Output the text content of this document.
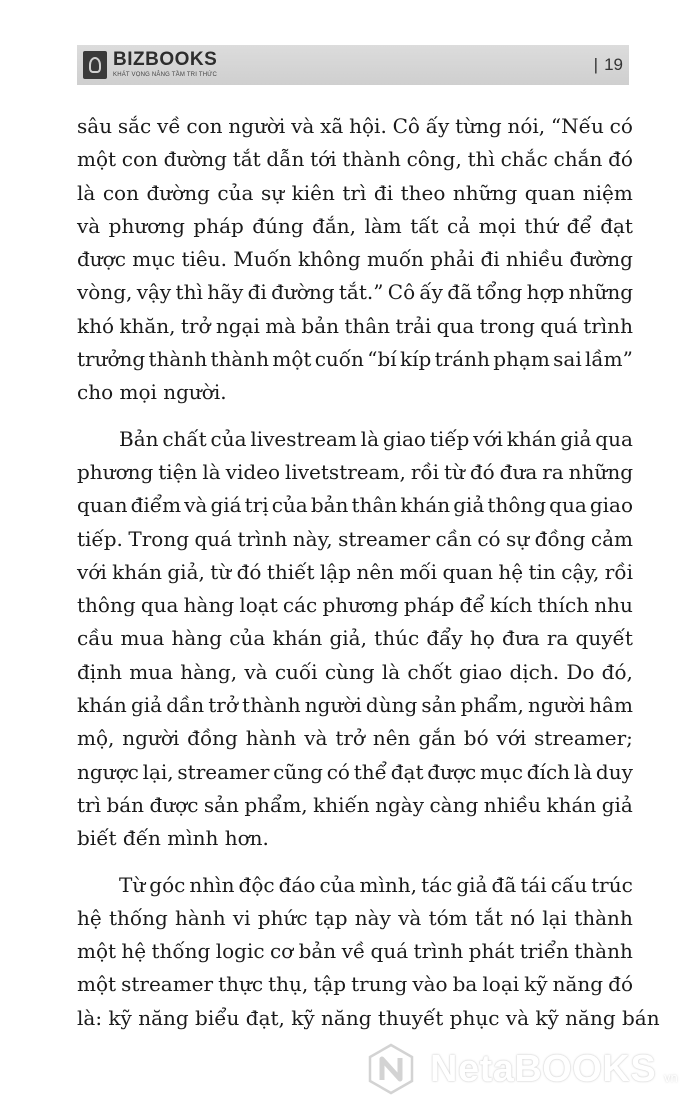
BIZBOOKS
KHÁT VỌNG NÂNG TẦM TRI THỨC
| 19
sâu sắc về con người và xã hội. Cô ấy từng nói, “Nếu có
một con đường tắt dẫn tới thành công, thì chắc chắn đó
là con đường của sự kiên trì đi theo những quan niệm
và phương pháp đúng đắn, làm tất cả mọi thứ để đạt
được mục tiêu. Muốn không muốn phải đi nhiều đường
vòng, vậy thì hãy đi đường tắt.” Cô ấy đã tổng hợp những
khó khăn, trở ngại mà bản thân trải qua trong quá trình
trưởng thành thành một cuốn “bí kíp tránh phạm sai lầm”
cho mọi người.
Bản chất của livestream là giao tiếp với khán giả qua
phương tiện là video livetstream, rồi từ đó đưa ra những
quan điểm và giá trị của bản thân khán giả thông qua giao
tiếp. Trong quá trình này, streamer cần có sự đồng cảm
với khán giả, từ đó thiết lập nên mối quan hệ tin cậy, rồi
thông qua hàng loạt các phương pháp để kích thích nhu
cầu mua hàng của khán giả, thúc đẩy họ đưa ra quyết
định mua hàng, và cuối cùng là chốt giao dịch. Do đó,
khán giả dần trở thành người dùng sản phẩm, người hâm
mộ, người đồng hành và trở nên gắn bó với streamer;
ngược lại, streamer cũng có thể đạt được mục đích là duy
trì bán được sản phẩm, khiến ngày càng nhiều khán giả
biết đến mình hơn.
Từ góc nhìn độc đáo của mình, tác giả đã tái cấu trúc
hệ thống hành vi phức tạp này và tóm tắt nó lại thành
một hệ thống logic cơ bản về quá trình phát triển thành
một streamer thực thụ, tập trung vào ba loại kỹ năng đó
là: kỹ năng biểu đạt, kỹ năng thuyết phục và kỹ năng bán
NetaBOOKS vn
